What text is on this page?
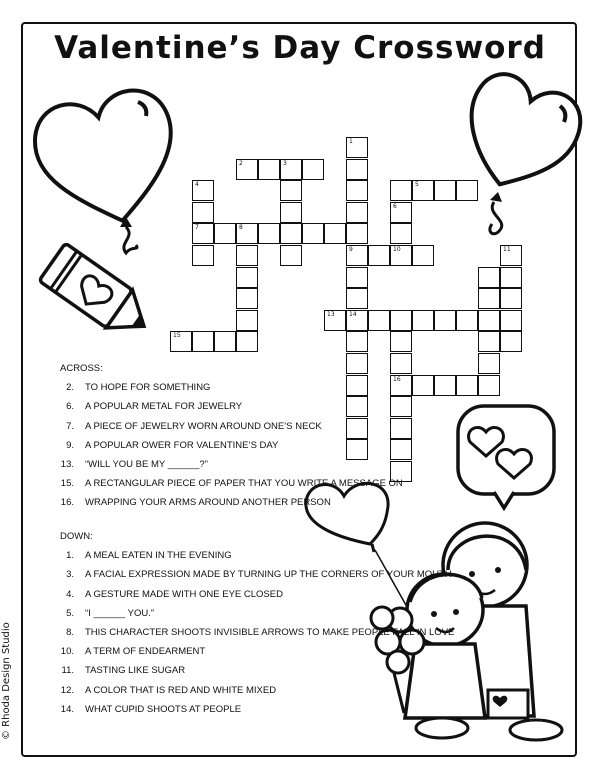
Valentine’s Day Crossword
© Rhoda Design Studio
1
9
14
2	3
4
7
6
10
5
8
11
13
16
15
ACROSS:
2. TO HOPE FOR SOMETHING
6. A POPULAR METAL FOR JEWELRY
7. A PIECE OF JEWELRY WORN AROUND ONE’S NECK
9. A POPULAR OWER FOR VALENTINE’S DAY
13. “WILL YOU BE MY ______?”
15. A RECTANGULAR PIECE OF PAPER THAT YOU WRITE A MESSAGE ON
16. WRAPPING YOUR ARMS AROUND ANOTHER PERSON
DOWN:
1. A MEAL EATEN IN THE EVENING
3. A FACIAL EXPRESSION MADE BY TURNING UP THE CORNERS OF YOUR MOUTH
4. A GESTURE MADE WITH ONE EYE CLOSED
5. “I ______ YOU.”
8. THIS CHARACTER SHOOTS INVISIBLE ARROWS TO MAKE PEOPLE FALL IN LOVE
10. A TERM OF ENDEARMENT
11. TASTING LIKE SUGAR
12. A COLOR THAT IS RED AND WHITE MIXED
14. WHAT CUPID SHOOTS AT PEOPLE
